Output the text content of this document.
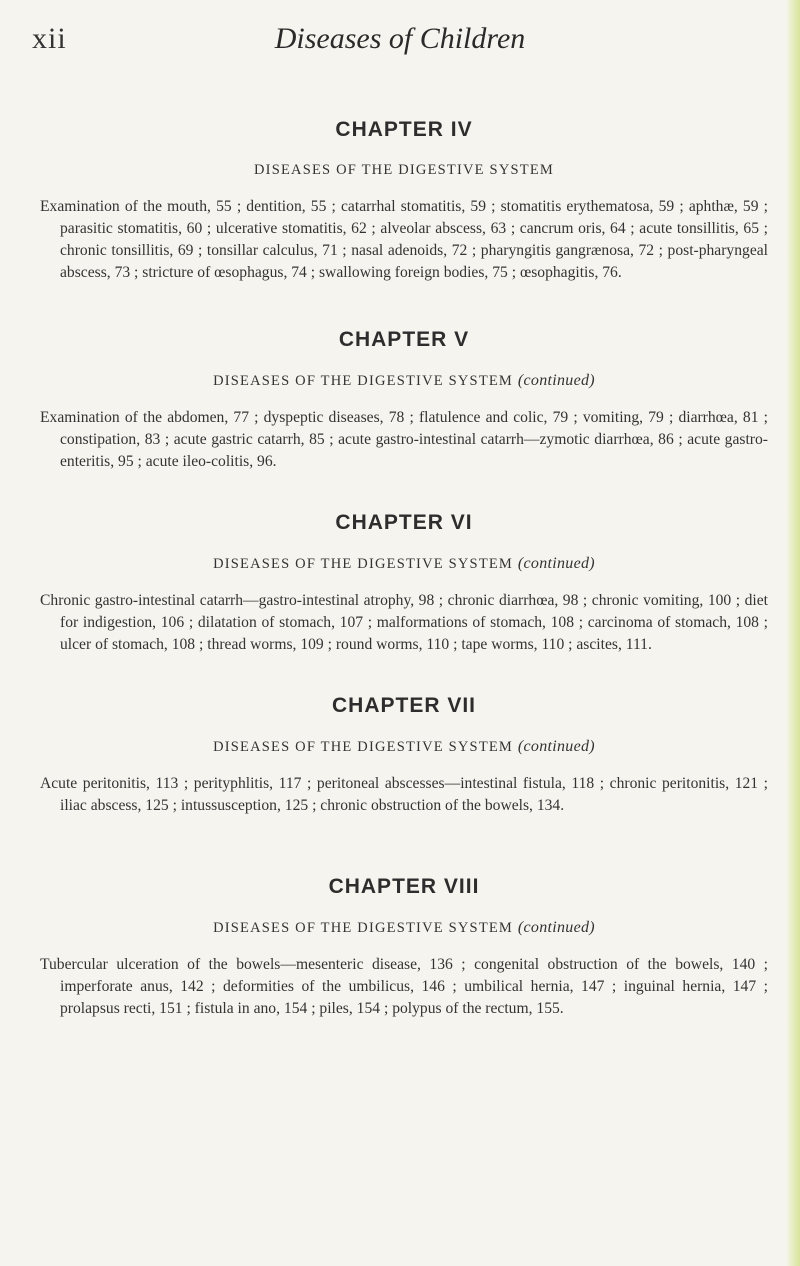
xii	Diseases of Children
CHAPTER IV
DISEASES OF THE DIGESTIVE SYSTEM

Examination of the mouth, 55 ; dentition, 55 ; catarrhal stomatitis, 59 ; stomatitis erythematosa, 59 ; aphthæ, 59 ; parasitic stomatitis, 60 ; ulcerative stomatitis, 62 ; alveolar abscess, 63 ; cancrum oris, 64 ; acute tonsillitis, 65 ; chronic tonsillitis, 69 ; tonsillar calculus, 71 ; nasal adenoids, 72 ; pharyngitis gangrænosa, 72 ; post-pharyngeal abscess, 73 ; stricture of œsophagus, 74 ; swallowing foreign bodies, 75 ; œsophagitis, 76.

CHAPTER V
DISEASES OF THE DIGESTIVE SYSTEM (continued)

Examination of the abdomen, 77 ; dyspeptic diseases, 78 ; flatulence and colic, 79 ; vomiting, 79 ; diarrhœa, 81 ; constipation, 83 ; acute gastric catarrh, 85 ; acute gastro-intestinal catarrh—zymotic diarrhœa, 86 ; acute gastro-enteritis, 95 ; acute ileo-colitis, 96.

CHAPTER VI
DISEASES OF THE DIGESTIVE SYSTEM (continued)

Chronic gastro-intestinal catarrh—gastro-intestinal atrophy, 98 ; chronic diarrhœa, 98 ; chronic vomiting, 100 ; diet for indigestion, 106 ; dilatation of stomach, 107 ; malformations of stomach, 108 ; carcinoma of stomach, 108 ; ulcer of stomach, 108 ; thread worms, 109 ; round worms, 110 ; tape worms, 110 ; ascites, 111.

CHAPTER VII
DISEASES OF THE DIGESTIVE SYSTEM (continued)

Acute peritonitis, 113 ; perityphlitis, 117 ; peritoneal abscesses—intestinal fistula, 118 ; chronic peritonitis, 121 ; iliac abscess, 125 ; intussusception, 125 ; chronic obstruction of the bowels, 134.

CHAPTER VIII
DISEASES OF THE DIGESTIVE SYSTEM (continued)

Tubercular ulceration of the bowels—mesenteric disease, 136 ; congenital obstruction of the bowels, 140 ; imperforate anus, 142 ; deformities of the umbilicus, 146 ; umbilical hernia, 147 ; inguinal hernia, 147 ; prolapsus recti, 151 ; fistula in ano, 154 ; piles, 154 ; polypus of the rectum, 155.
